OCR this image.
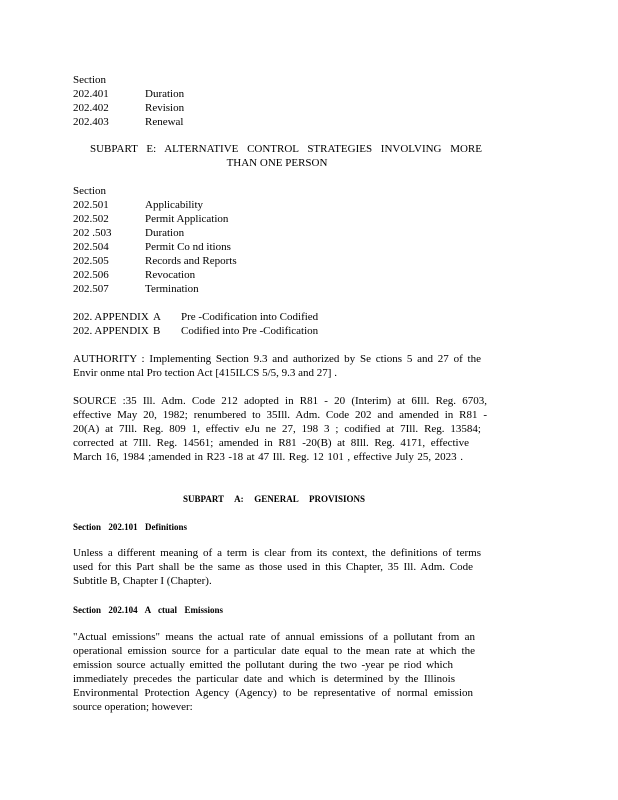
Section
202.401	Duration
202.402	Revision
202.403	Renewal
SUBPART E: ALTERNATIVE CONTROL STRATEGIES INVOLVING MORE
THAN ONE PERSON
Section
202.501	Applicability
202.502	Permit Application
202 .503	Duration
202.504	Permit Co nd itions
202.505	Records and Reports
202.506	Revocation
202.507	Termination
202. APPENDIX A Pre -Codification into Codified
202. APPENDIX B Codified into Pre -Codification
AUTHORITY : Implementing Section 9.3 and authorized by Se ctions 5 and 27 of the
Envir onme ntal Pro tection Act [415ILCS 5/5, 9.3 and 27] .
SOURCE :35 Ill. Adm. Code 212 adopted in R81 - 20 (Interim) at 6Ill. Reg. 6703,
effective May 20, 1982; renumbered to 35Ill. Adm. Code 202 and amended in R81 -
20(A) at 7Ill. Reg. 809 1, effectiv eJu ne 27, 198 3 ; codified at 7Ill. Reg. 13584;
corrected at 7Ill. Reg. 14561; amended in R81 -20(B) at 8Ill. Reg. 4171, effective
March 16, 1984 ;amended in R23 -18 at 47 Ill. Reg. 12 101 , effective July 25, 2023 .
SUBPART A: GENERAL PROVISIONS
Section 202.101 Definitions
Unless a different meaning of a term is clear from its context, the definitions of terms
used for this Part shall be the same as those used in this Chapter, 35 Ill. Adm. Code
Subtitle B, Chapter I (Chapter).
Section 202.104 A ctual Emissions
"Actual emissions" means the actual rate of annual emissions of a pollutant from an
operational emission source for a particular date equal to the mean rate at which the
emission source actually emitted the pollutant during the two -year pe riod which
immediately precedes the particular date and which is determined by the Illinois
Environmental Protection Agency (Agency) to be representative of normal emission
source operation; however:
